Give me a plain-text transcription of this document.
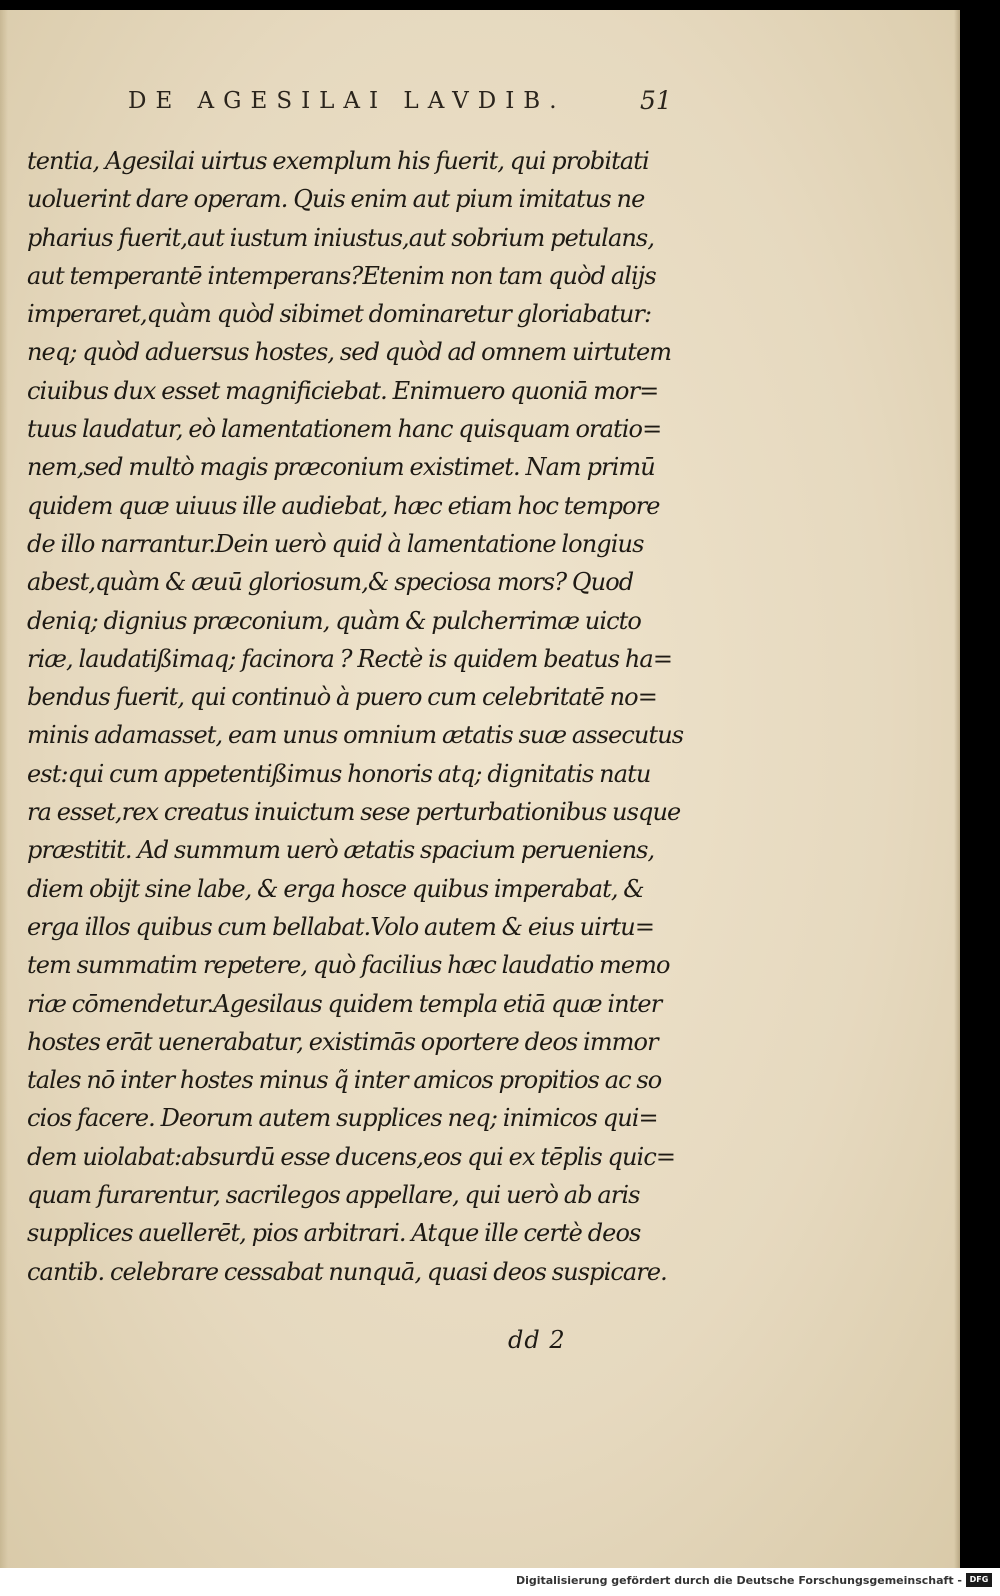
DE AGESILAI LAVDIB.	51
tentia, Agesilai uirtus exemplum his fuerit, qui probitati
uoluerint dare operam. Quis enim aut pium imitatus ne
pharius fuerit,aut iustum iniustus,aut sobrium petulans,
aut temperantē intemperans?Etenim non tam quòd alijs
imperaret,quàm quòd sibimet dominaretur gloriabatur:
neq; quòd aduersus hostes, sed quòd ad omnem uirtutem
ciuibus dux esset magnificiebat. Enimuero quoniā mor=
tuus laudatur, eò lamentationem hanc quisquam oratio=
nem,sed multò magis præconium existimet. Nam primū
quidem quæ uiuus ille audiebat, hæc etiam hoc tempore
de illo narrantur.Dein uerò quid à lamentatione longius
abest,quàm & æuū gloriosum,& speciosa mors? Quod
deniq; dignius præconium, quàm & pulcherrimæ uicto
riæ, laudatißimaq; facinora ? Rectè is quidem beatus ha=
bendus fuerit, qui continuò à puero cum celebritatē no=
minis adamasset, eam unus omnium ætatis suæ assecutus
est:qui cum appetentißimus honoris atq; dignitatis natu
ra esset,rex creatus inuictum sese perturbationibus usque
præstitit. Ad summum uerò ætatis spacium perueniens,
diem obijt sine labe, & erga hosce quibus imperabat, &
erga illos quibus cum bellabat.Volo autem & eius uirtu=
tem summatim repetere, quò facilius hæc laudatio memo
riæ cōmendetur.Agesilaus quidem templa etiā quæ inter
hostes erāt uenerabatur, existimās oportere deos immor
tales nō inter hostes minus q̃ inter amicos propitios ac so
cios facere. Deorum autem supplices neq; inimicos qui=
dem uiolabat:absurdū esse ducens,eos qui ex tēplis quic=
quam furarentur, sacrilegos appellare, qui uerò ab aris
supplices auellerēt, pios arbitrari. Atque ille certè deos
cantib. celebrare cessabat nunquā, quasi deos suspicare.
dd 2
Digitalisierung gefördert durch die Deutsche Forschungsgemeinschaft - DFG
